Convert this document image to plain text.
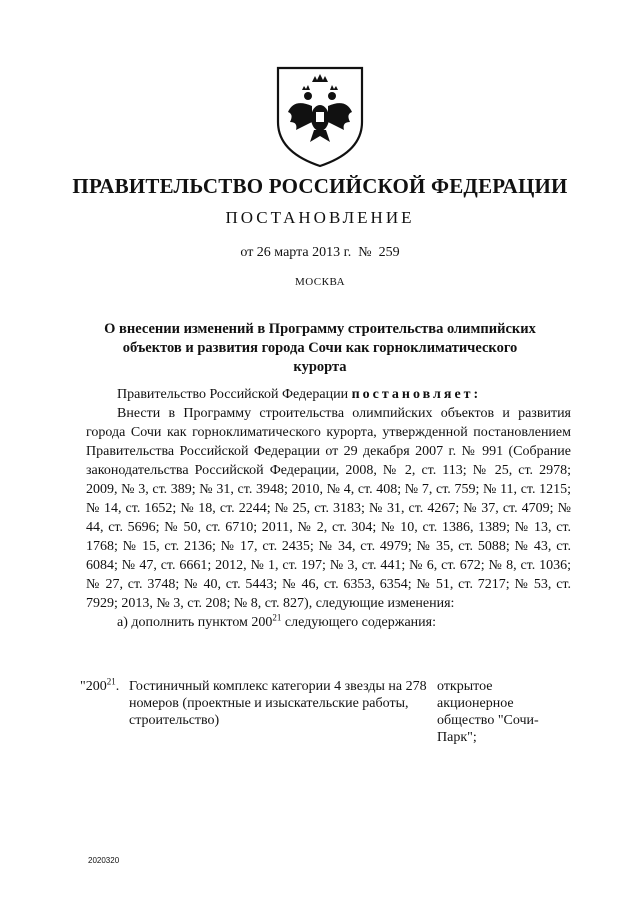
ПРАВИТЕЛЬСТВО РОССИЙСКОЙ ФЕДЕРАЦИИ
ПОСТАНОВЛЕНИЕ
от 26 марта 2013 г.  №  259
МОСКВА
О внесении изменений в Программу строительства олимпийских
объектов и развития города Сочи как горноклиматического курорта

Правительство Российской Федерации постановляет:

Внести в Программу строительства олимпийских объектов и развития города Сочи как горноклиматического курорта, утвержденной постановлением Правительства Российской Федерации от 29 декабря 2007 г. № 991 (Собрание законодательства Российской Федерации, 2008, № 2, ст. 113; № 25, ст. 2978; 2009, № 3, ст. 389; № 31, ст. 3948; 2010, № 4, ст. 408; № 7, ст. 759; № 11, ст. 1215; № 14, ст. 1652; № 18, ст. 2244; № 25, ст. 3183; № 31, ст. 4267; № 37, ст. 4709; № 44, ст. 5696; № 50, ст. 6710; 2011, № 2, ст. 304; № 10, ст. 1386, 1389; № 13, ст. 1768; № 15, ст. 2136; № 17, ст. 2435; № 34, ст. 4979; № 35, ст. 5088; № 43, ст. 6084; № 47, ст. 6661; 2012, № 1, ст. 197; № 3, ст. 441; № 6, ст. 672; № 8, ст. 1036; № 27, ст. 3748; № 40, ст. 5443; № 46, ст. 6353, 6354; № 51, ст. 7217; № 53, ст. 7929; 2013, № 3, ст. 208; № 8, ст. 827), следующие изменения:

а) дополнить пунктом $200^{21}$ следующего содержания:

"$200^{21}$. Гостиничный комплекс категории 4 звезды на 278 номеров (проектные и изыскательские работы, строительство)
открытое акционерное общество "Сочи-Парк";
2020320
